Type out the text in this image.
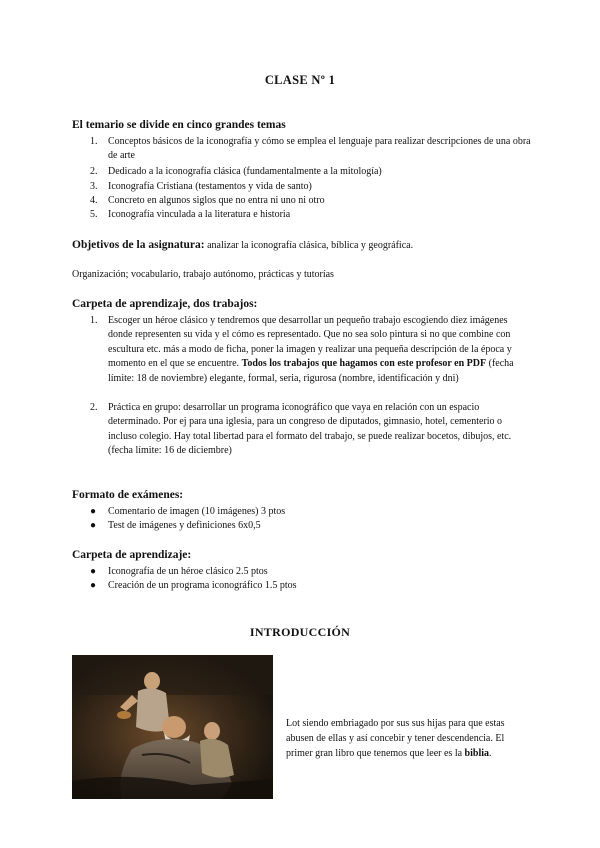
CLASE Nº 1
El temario se divide en cinco grandes temas
1.	Conceptos básicos de la iconografía y cómo se emplea el lenguaje para realizar descripciones de una obra de arte
2.	Dedicado a la iconografía clásica (fundamentalmente a la mitología)
3.	Iconografía Cristiana (testamentos y vida de santo)
4.	Concreto en algunos siglos que no entra ni uno ni otro
5.	Iconografía vinculada a la literatura e historia
Objetivos de la asignatura: analizar la iconografía clásica, bíblica y geográfica.
Organización; vocabulario, trabajo autónomo, prácticas y tutorías
Carpeta de aprendizaje, dos trabajos:
1.	Escoger un héroe clásico y tendremos que desarrollar un pequeño trabajo escogiendo diez imágenes donde representen su vida y el cómo es representado. Que no sea solo pintura si no que combine con escultura etc. más a modo de ficha, poner la imagen y realizar una pequeña descripción de la época y momento en el que se encuentre. Todos los trabajos que hagamos con este profesor en PDF (fecha límite: 18 de noviembre) elegante, formal, seria, rigurosa (nombre, identificación y dni)
2.	Práctica en grupo: desarrollar un programa iconográfico que vaya en relación con un espacio determinado. Por ej para una iglesia, para un congreso de diputados, gimnasio, hotel, cementerio o incluso colegio. Hay total libertad para el formato del trabajo, se puede realizar bocetos, dibujos, etc. (fecha límite: 16 de diciembre)
Formato de exámenes:
●	Comentario de imagen (10 imágenes) 3 ptos
●	Test de imágenes y definiciones 6x0,5
Carpeta de aprendizaje:
●	Iconografía de un héroe clásico 2.5 ptos
●	Creación de un programa iconográfico 1.5 ptos
INTRODUCCIÓN
Lot siendo embriagado por sus sus hijas para que estas abusen de ellas y así concebir y tener descendencia. El primer gran libro que tenemos que leer es la biblia.
